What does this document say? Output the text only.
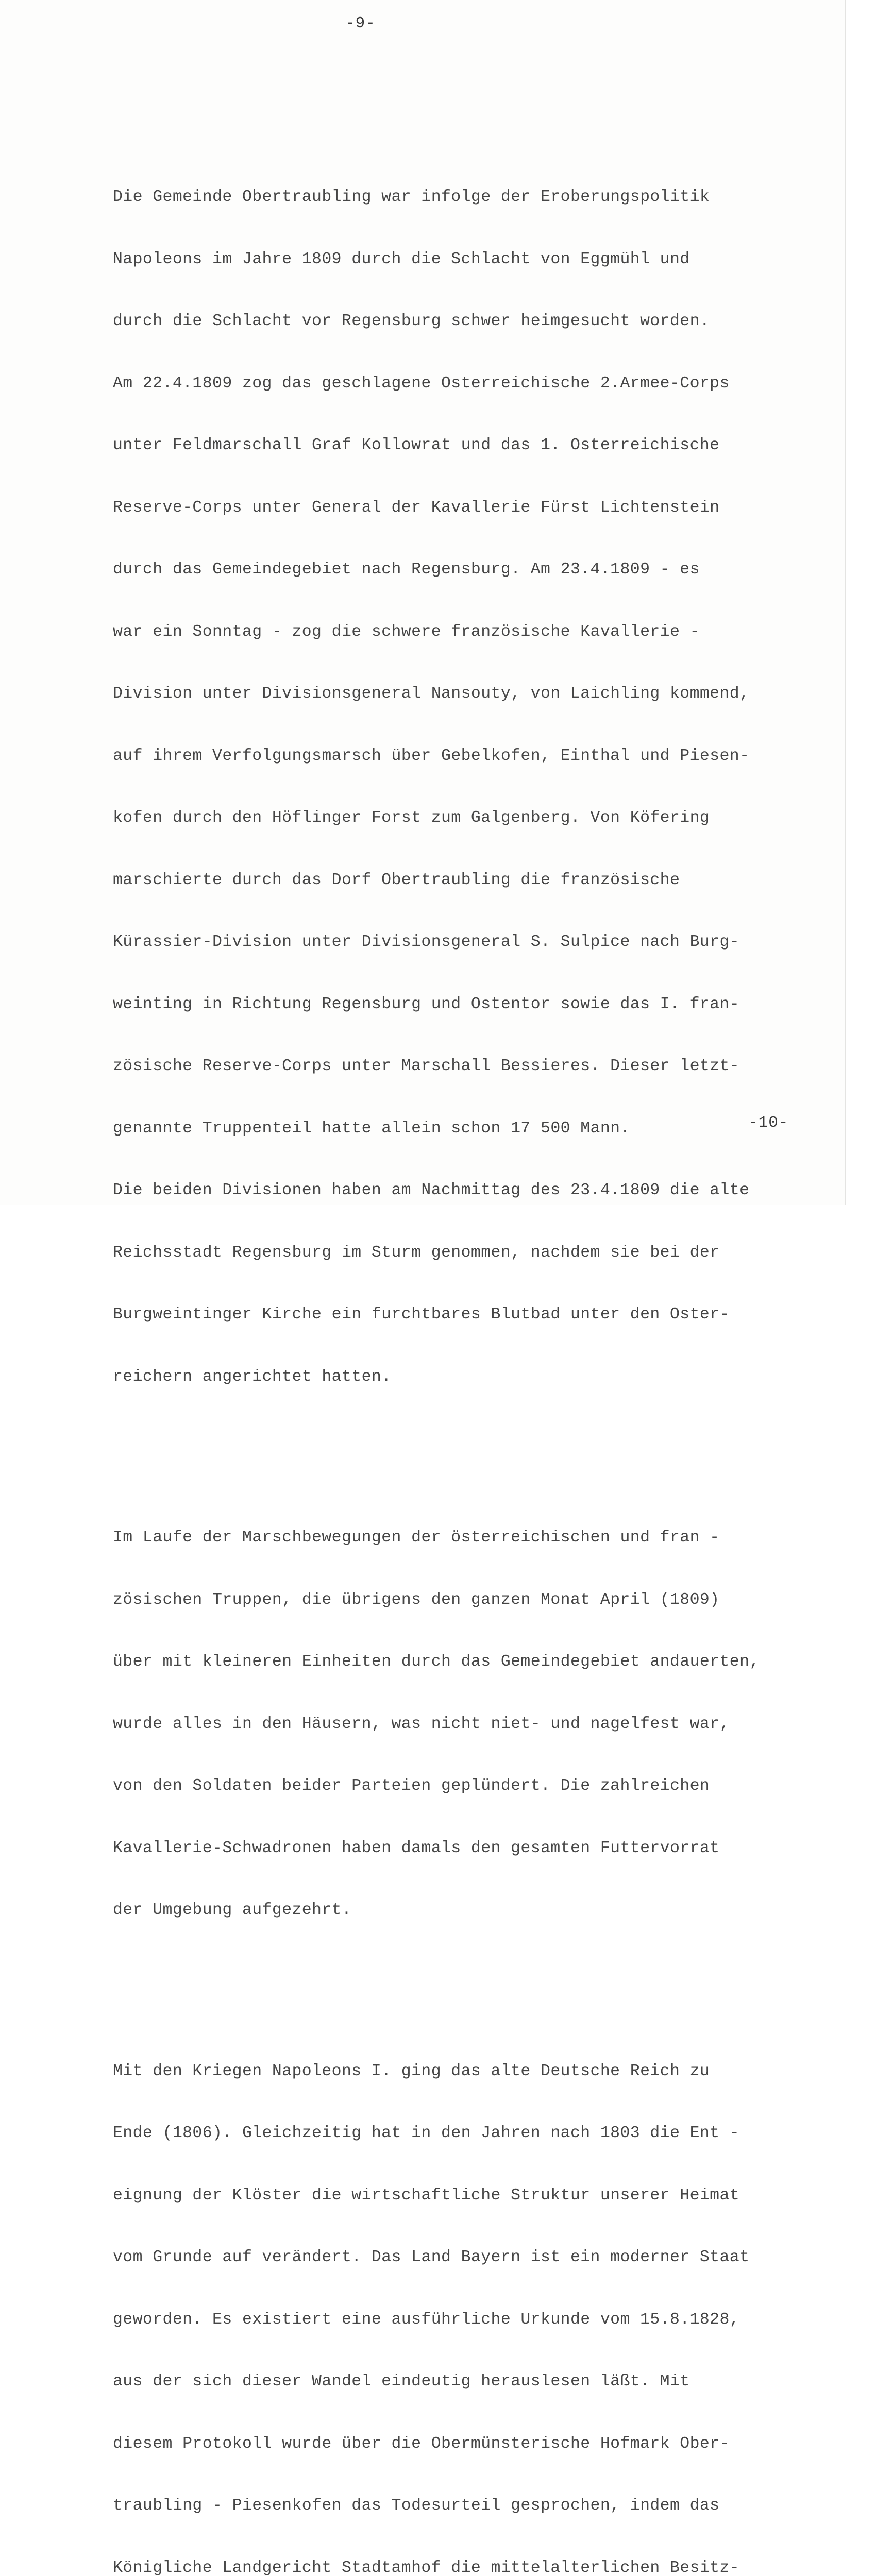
-9-

Die Gemeinde Obertraubling war infolge der Eroberungspolitik

Napoleons im Jahre 1809 durch die Schlacht von Eggmühl und

durch die Schlacht vor Regensburg schwer heimgesucht worden.

Am 22.4.1809 zog das geschlagene Osterreichische 2.Armee-Corps

unter Feldmarschall Graf Kollowrat und das 1. Osterreichische

Reserve-Corps unter General der Kavallerie Fürst Lichtenstein

durch das Gemeindegebiet nach Regensburg. Am 23.4.1809 - es

war ein Sonntag - zog die schwere französische Kavallerie -

Division unter Divisionsgeneral Nansouty, von Laichling kommend,

auf ihrem Verfolgungsmarsch über Gebelkofen, Einthal und Piesen-

kofen durch den Höflinger Forst zum Galgenberg. Von Köfering

marschierte durch das Dorf Obertraubling die französische

Kürassier-Division unter Divisionsgeneral S. Sulpice nach Burg-

weinting in Richtung Regensburg und Ostentor sowie das I. fran-

zösische Reserve-Corps unter Marschall Bessieres. Dieser letzt-

genannte Truppenteil hatte allein schon 17 500 Mann.

Die beiden Divisionen haben am Nachmittag des 23.4.1809 die alte

Reichsstadt Regensburg im Sturm genommen, nachdem sie bei der

Burgweintinger Kirche ein furchtbares Blutbad unter den Oster-

reichern angerichtet hatten.

Im Laufe der Marschbewegungen der österreichischen und fran -

zösischen Truppen, die übrigens den ganzen Monat April (1809)

über mit kleineren Einheiten durch das Gemeindegebiet andauerten,

wurde alles in den Häusern, was nicht niet- und nagelfest war,

von den Soldaten beider Parteien geplündert. Die zahlreichen

Kavallerie-Schwadronen haben damals den gesamten Futtervorrat

der Umgebung aufgezehrt.

Mit den Kriegen Napoleons I. ging das alte Deutsche Reich zu

Ende (1806). Gleichzeitig hat in den Jahren nach 1803 die Ent -

eignung der Klöster die wirtschaftliche Struktur unserer Heimat

vom Grunde auf verändert. Das Land Bayern ist ein moderner Staat

geworden. Es existiert eine ausführliche Urkunde vom 15.8.1828,

aus der sich dieser Wandel eindeutig herauslesen läßt. Mit

diesem Protokoll wurde über die Obermünsterische Hofmark Ober-

traubling - Piesenkofen das Todesurteil gesprochen, indem das

Königliche Landgericht Stadtamhof die mittelalterlichen Besitz-

-10-
